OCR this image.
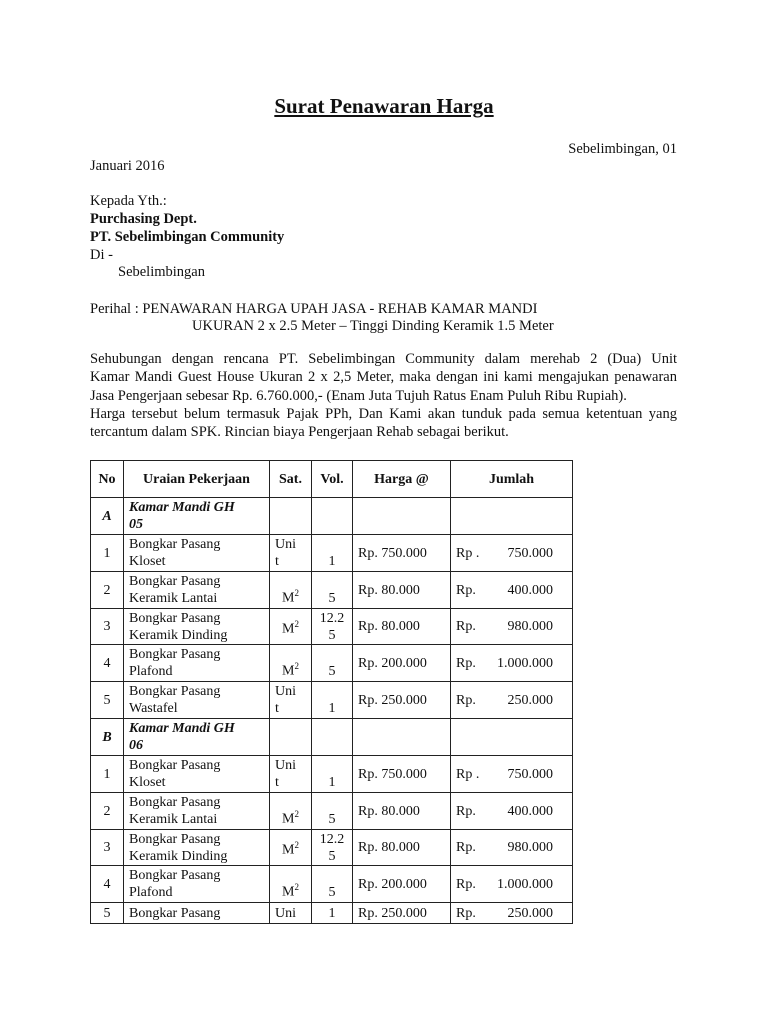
Surat Penawaran Harga
Sebelimbingan, 01
Januari 2016
Kepada Yth.:
Purchasing Dept.
PT. Sebelimbingan Community
Di -
Sebelimbingan
Perihal : PENAWARAN HARGA UPAH JASA - REHAB KAMAR MANDI
UKURAN 2 x 2.5 Meter – Tinggi Dinding Keramik 1.5 Meter
Sehubungan dengan rencana PT. Sebelimbingan Community dalam merehab 2 (Dua) Unit
Kamar Mandi Guest House Ukuran 2 x 2,5 Meter, maka dengan ini kami mengajukan penawaran
Jasa Pengerjaan sebesar Rp. 6.760.000,- (Enam Juta Tujuh Ratus Enam Puluh Ribu Rupiah).
Harga tersebut belum termasuk Pajak PPh, Dan Kami akan tunduk pada semua ketentuan yang
tercantum dalam SPK. Rincian biaya Pengerjaan Rehab sebagai berikut.
No	Uraian Pekerjaan	Sat.	Vol.	Harga @	Jumlah
A	Kamar Mandi GH
05				
1	Bongkar Pasang
Kloset	Uni
t	1	Rp. 750.000	Rp . 750.000

2	Bongkar Pasang
Keramik Lantai	$M^2$	5	Rp. 80.000	Rp. 400.000

3	Bongkar Pasang
Keramik Dinding	$M^2$	12.2
5	Rp. 80.000	Rp. 980.000

4	Bongkar Pasang
Plafond	$M^2$	5	Rp. 200.000	Rp. 1.000.000

5	Bongkar Pasang
Wastafel	Uni
t	1	Rp. 250.000	Rp. 250.000

B	Kamar Mandi GH
06				
1	Bongkar Pasang
Kloset	Uni
t	1	Rp. 750.000	Rp . 750.000

2	Bongkar Pasang
Keramik Lantai	$M^2$	5	Rp. 80.000	Rp. 400.000

3	Bongkar Pasang
Keramik Dinding	$M^2$	12.2
5	Rp. 80.000	Rp. 980.000

4	Bongkar Pasang
Plafond	$M^2$	5	Rp. 200.000	Rp. 1.000.000

5	Bongkar Pasang	Uni	1	Rp. 250.000	Rp. 250.000
